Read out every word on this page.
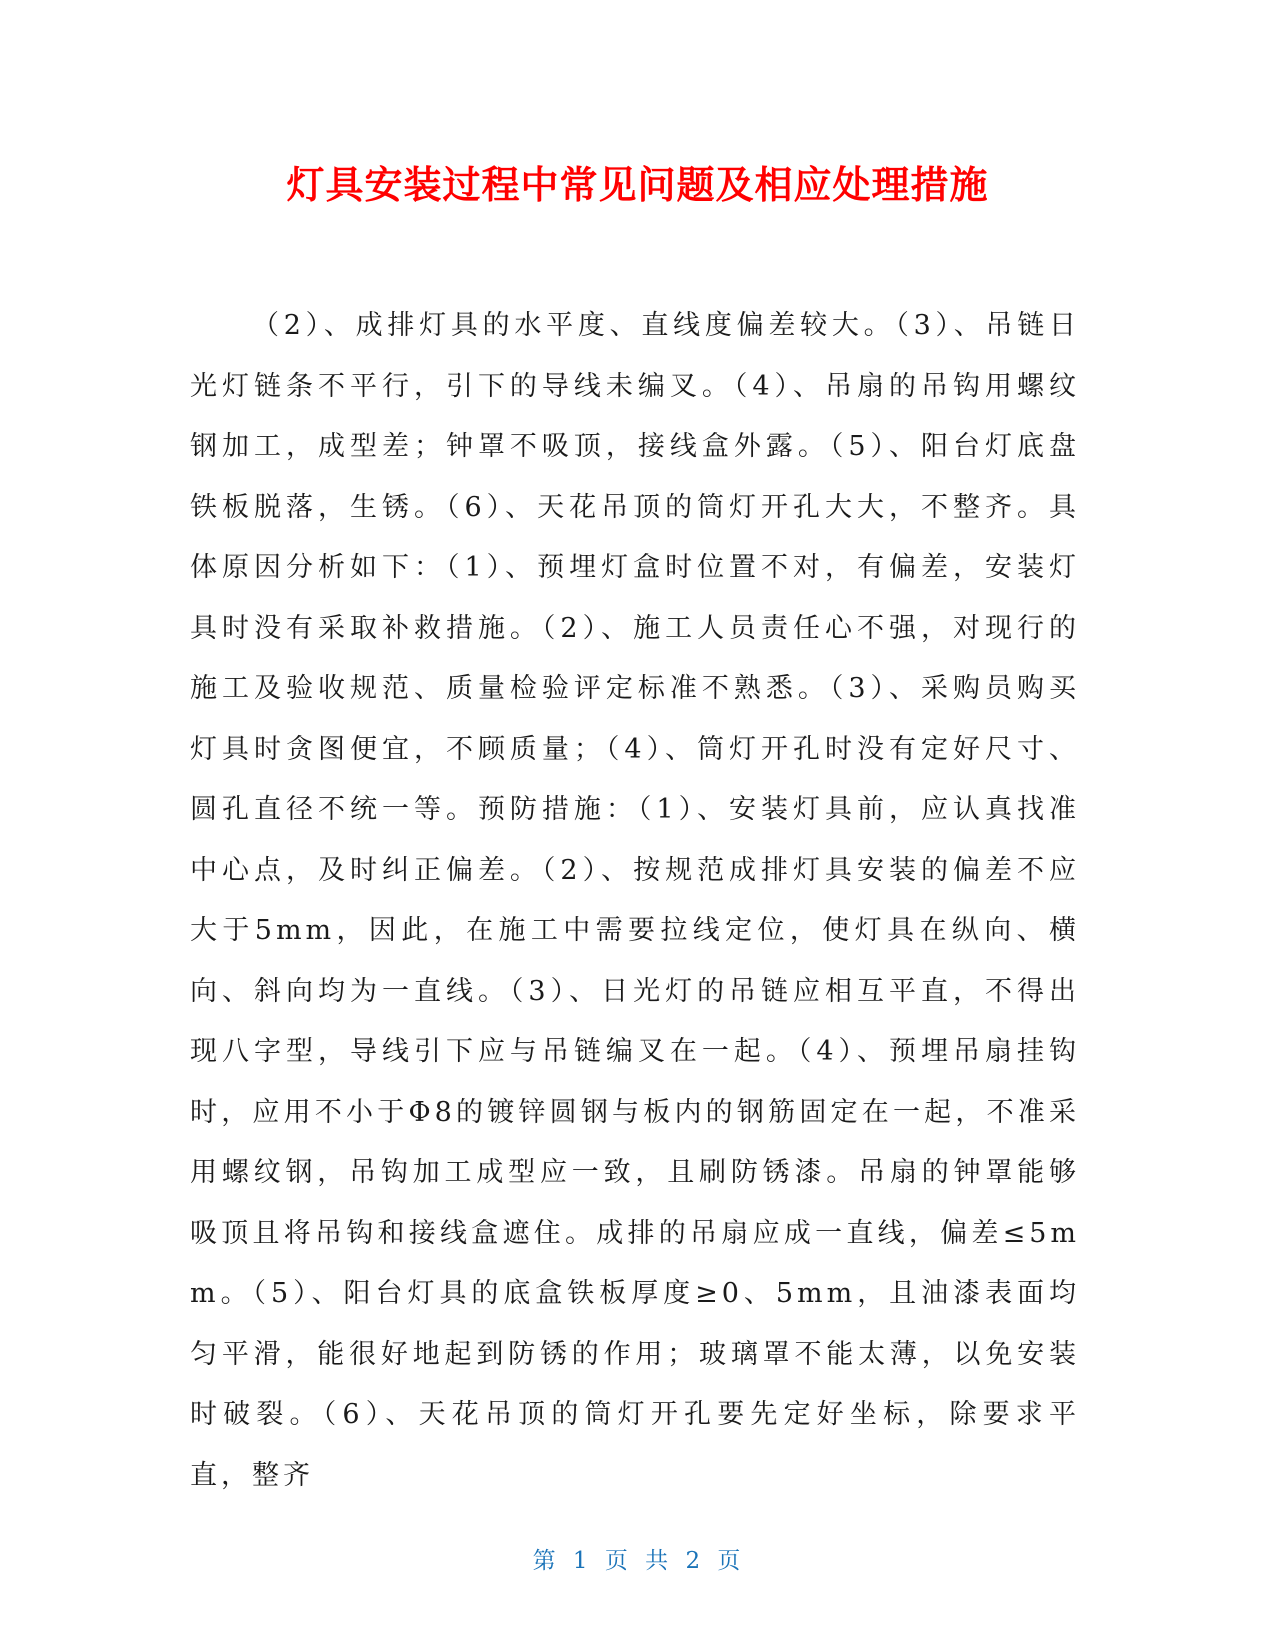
灯具安装过程中常见问题及相应处理措施

（2）、成排灯具的水平度、直线度偏差较大。（3）、吊链日光灯链条不平行，引下的导线未编叉。（4）、吊扇的吊钩用螺纹钢加工，成型差；钟罩不吸顶，接线盒外露。（5）、阳台灯底盘铁板脱落，生锈。（6）、天花吊顶的筒灯开孔大大，不整齐。具体原因分析如下：（1）、预埋灯盒时位置不对，有偏差，安装灯具时没有采取补救措施。（2）、施工人员责任心不强，对现行的施工及验收规范、质量检验评定标准不熟悉。（3）、采购员购买灯具时贪图便宜，不顾质量；（4）、筒灯开孔时没有定好尺寸、圆孔直径不统一等。预防措施：（1）、安装灯具前，应认真找准中心点，及时纠正偏差。（2）、按规范成排灯具安装的偏差不应大于5mm，因此，在施工中需要拉线定位，使灯具在纵向、横向、斜向均为一直线。（3）、日光灯的吊链应相互平直，不得出现八字型，导线引下应与吊链编叉在一起。（4）、预埋吊扇挂钩时，应用不小于Φ8的镀锌圆钢与板内的钢筋固定在一起，不准采用螺纹钢，吊钩加工成型应一致，且刷防锈漆。吊扇的钟罩能够吸顶且将吊钩和接线盒遮住。成排的吊扇应成一直线，偏差≤5mm。（5）、阳台灯具的底盒铁板厚度≥0、5mm，且油漆表面均匀平滑，能很好地起到防锈的作用；玻璃罩不能太薄，以免安装时破裂。（6）、天花吊顶的筒灯开孔要先定好坐标，除要求平直，整齐

第 1 页 共 2 页
